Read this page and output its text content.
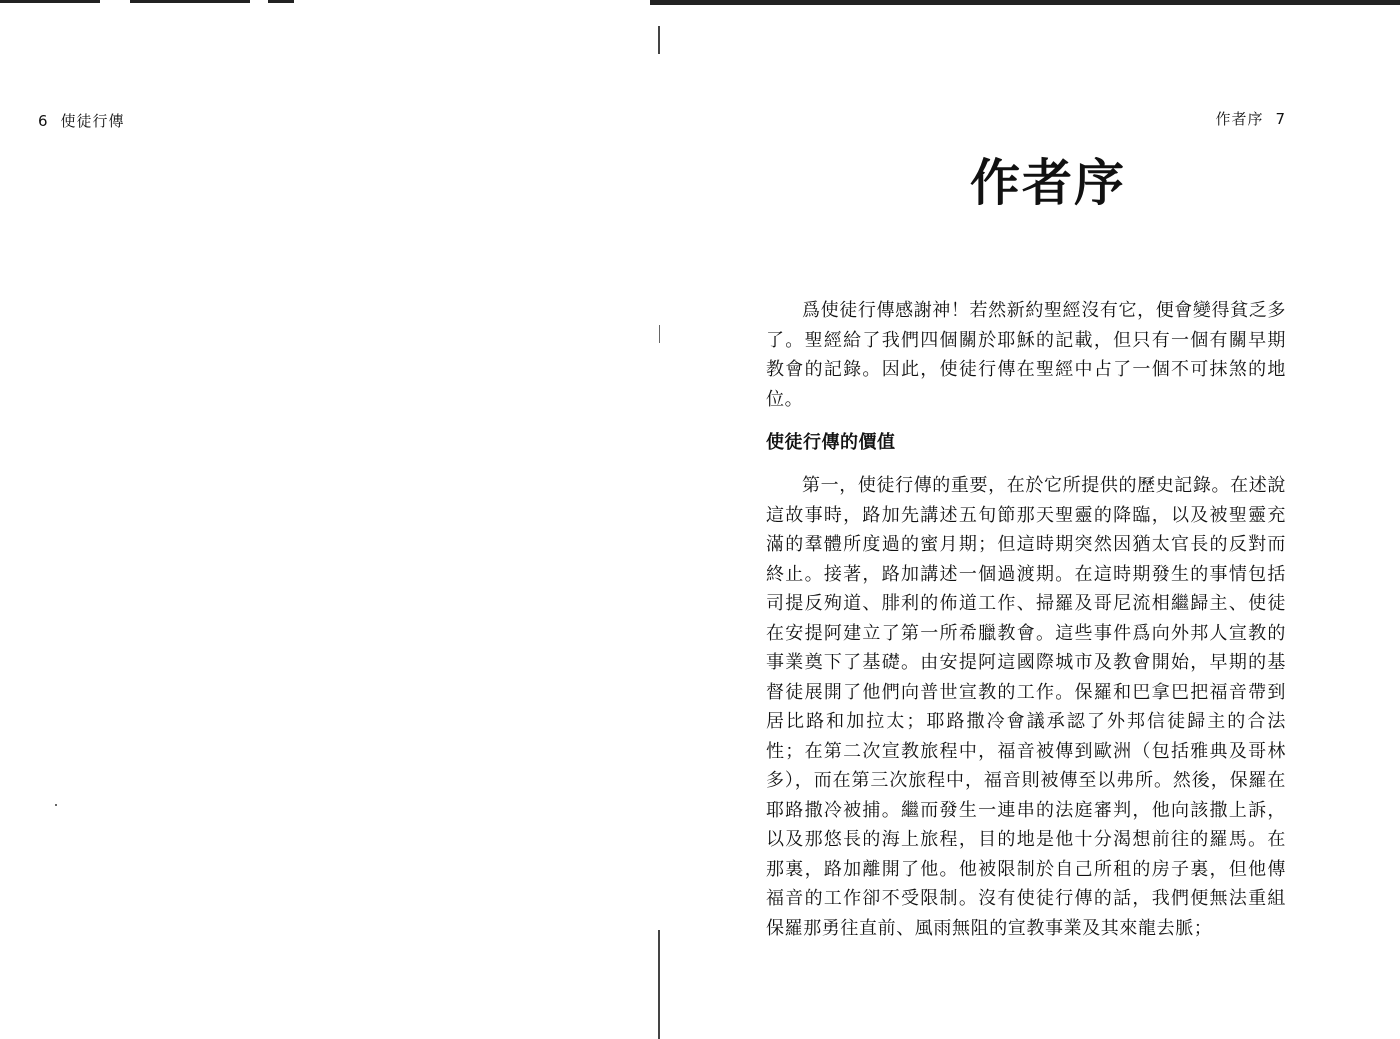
6 使徒行傳	作者序 7
作者序

爲使徒行傳感謝神！若然新約聖經沒有它，便會變得貧乏多了。聖經給了我們四個關於耶穌的記載，但只有一個有關早期教會的記錄。因此，使徒行傳在聖經中占了一個不可抹煞的地位。

使徒行傳的價值

第一，使徒行傳的重要，在於它所提供的歷史記錄。在述說這故事時，路加先講述五旬節那天聖靈的降臨，以及被聖靈充滿的羣體所度過的蜜月期；但這時期突然因猶太官長的反對而終止。接著，路加講述一個過渡期。在這時期發生的事情包括司提反殉道、腓利的佈道工作、掃羅及哥尼流相繼歸主、使徒在安提阿建立了第一所希臘教會。這些事件爲向外邦人宣教的事業奠下了基礎。由安提阿這國際城市及教會開始，早期的基督徒展開了他們向普世宣教的工作。保羅和巴拿巴把福音帶到居比路和加拉太；耶路撒冷會議承認了外邦信徒歸主的合法性；在第二次宣教旅程中，福音被傳到歐洲（包括雅典及哥林多），而在第三次旅程中，福音則被傳至以弗所。然後，保羅在耶路撒冷被捕。繼而發生一連串的法庭審判，他向該撒上訴，以及那悠長的海上旅程，目的地是他十分渴想前往的羅馬。在那裏，路加離開了他。他被限制於自己所租的房子裏，但他傳福音的工作卻不受限制。沒有使徒行傳的話，我們便無法重組保羅那勇往直前、風雨無阻的宣教事業及其來龍去脈；
